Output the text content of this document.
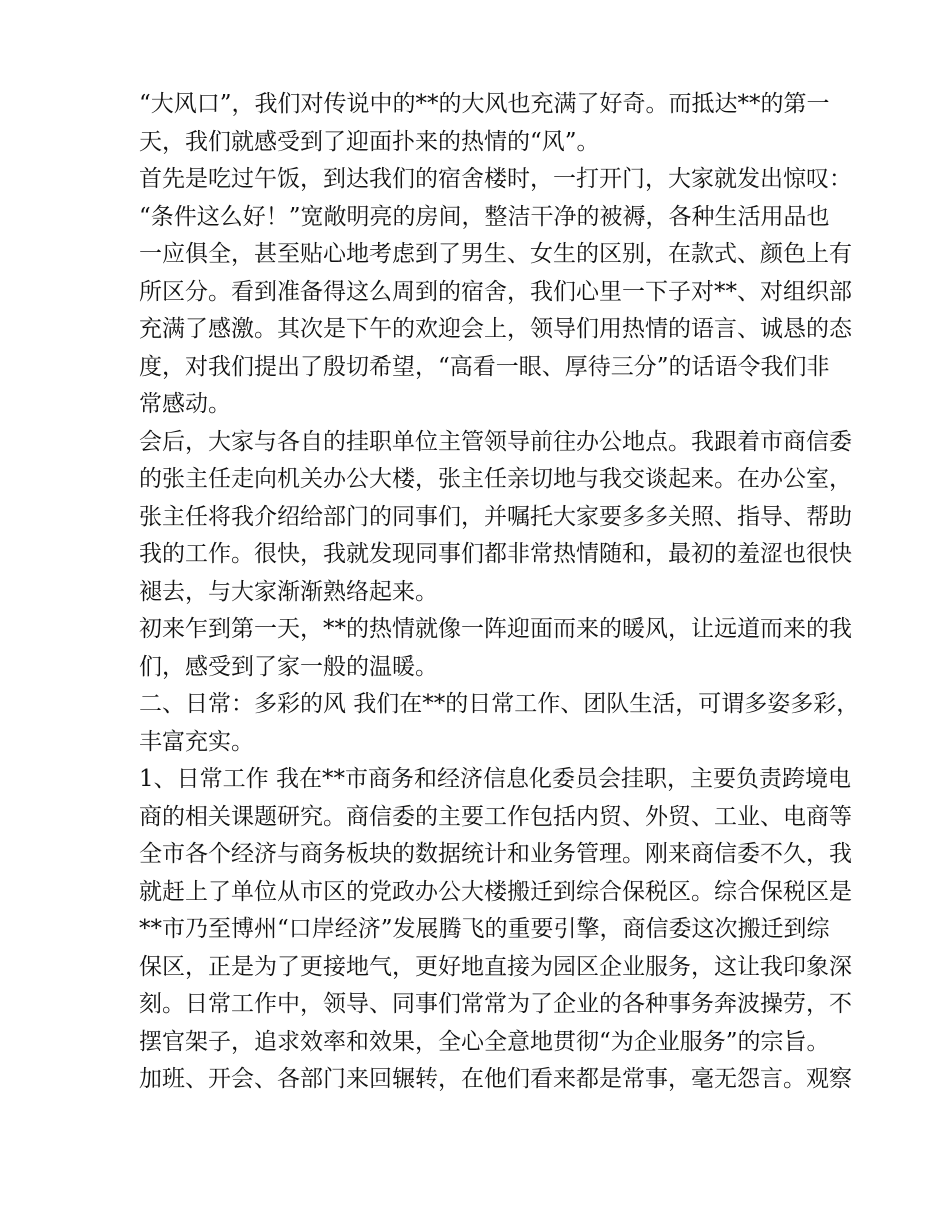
“大风口”，我们对传说中的**的大风也充满了好奇。而抵达**的第一
天，我们就感受到了迎面扑来的热情的“风”。
首先是吃过午饭，到达我们的宿舍楼时，一打开门，大家就发出惊叹：
“条件这么好！”宽敞明亮的房间，整洁干净的被褥，各种生活用品也
一应俱全，甚至贴心地考虑到了男生、女生的区别，在款式、颜色上有
所区分。看到准备得这么周到的宿舍，我们心里一下子对**、对组织部
充满了感激。其次是下午的欢迎会上，领导们用热情的语言、诚恳的态
度，对我们提出了殷切希望，“高看一眼、厚待三分”的话语令我们非
常感动。
会后，大家与各自的挂职单位主管领导前往办公地点。我跟着市商信委
的张主任走向机关办公大楼，张主任亲切地与我交谈起来。在办公室，
张主任将我介绍给部门的同事们，并嘱托大家要多多关照、指导、帮助
我的工作。很快，我就发现同事们都非常热情随和，最初的羞涩也很快
褪去，与大家渐渐熟络起来。
初来乍到第一天，**的热情就像一阵迎面而来的暖风，让远道而来的我
们，感受到了家一般的温暖。
二、日常：多彩的风 我们在**的日常工作、团队生活，可谓多姿多彩，
丰富充实。
1、日常工作 我在**市商务和经济信息化委员会挂职，主要负责跨境电
商的相关课题研究。商信委的主要工作包括内贸、外贸、工业、电商等
全市各个经济与商务板块的数据统计和业务管理。刚来商信委不久，我
就赶上了单位从市区的党政办公大楼搬迁到综合保税区。综合保税区是
**市乃至博州“口岸经济”发展腾飞的重要引擎，商信委这次搬迁到综
保区，正是为了更接地气，更好地直接为园区企业服务，这让我印象深
刻。日常工作中，领导、同事们常常为了企业的各种事务奔波操劳，不
摆官架子，追求效率和效果，全心全意地贯彻“为企业服务”的宗旨。
加班、开会、各部门来回辗转，在他们看来都是常事，毫无怨言。观察
